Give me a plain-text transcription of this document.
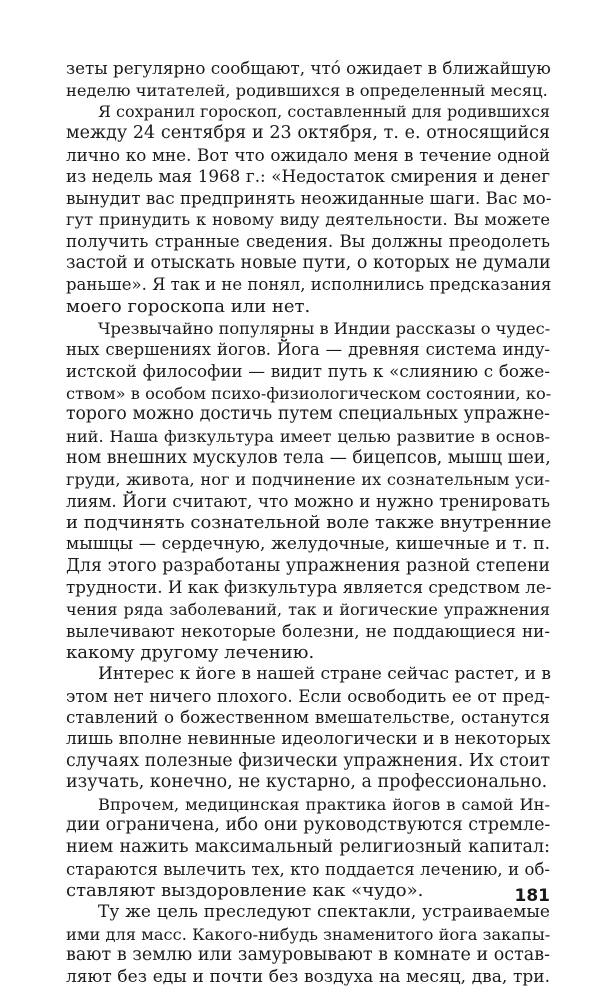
зеты регулярно сообщают, чтó ожидает в ближайшую
неделю читателей, родившихся в определенный месяц.
Я сохранил гороскоп, составленный для родившихся
между 24 сентября и 23 октября, т. е. относящийся
лично ко мне. Вот что ожидало меня в течение одной
из недель мая 1968 г.: «Недостаток смирения и денег
вынудит вас предпринять неожиданные шаги. Вас мо-
гут принудить к новому виду деятельности. Вы можете
получить странные сведения. Вы должны преодолеть
застой и отыскать новые пути, о которых не думали
раньше». Я так и не понял, исполнились предсказания
моего гороскопа или нет.
Чрезвычайно популярны в Индии рассказы о чудес-
ных свершениях йогов. Йога — древняя система инду-
истской философии — видит путь к «слиянию с боже-
ством» в особом психо-физиологическом состоянии, ко-
торого можно достичь путем специальных упражне-
ний. Наша физкультура имеет целью развитие в основ-
ном внешних мускулов тела — бицепсов, мышц шеи,
груди, живота, ног и подчинение их сознательным уси-
лиям. Йоги считают, что можно и нужно тренировать
и подчинять сознательной воле также внутренние
мышцы — сердечную, желудочные, кишечные и т. п.
Для этого разработаны упражнения разной степени
трудности. И как физкультура является средством ле-
чения ряда заболеваний, так и йогические упражнения
вылечивают некоторые болезни, не поддающиеся ни-
какому другому лечению.
Интерес к йоге в нашей стране сейчас растет, и в
этом нет ничего плохого. Если освободить ее от пред-
ставлений о божественном вмешательстве, останутся
лишь вполне невинные идеологически и в некоторых
случаях полезные физически упражнения. Их стоит
изучать, конечно, не кустарно, а профессионально.
Впрочем, медицинская практика йогов в самой Ин-
дии ограничена, ибо они руководствуются стремле-
нием нажить максимальный религиозный капитал:
стараются вылечить тех, кто поддается лечению, и об-
ставляют выздоровление как «чудо».
Ту же цель преследуют спектакли, устраиваемые
ими для масс. Какого-нибудь знаменитого йога закапы-
вают в землю или замуровывают в комнате и остав-
ляют без еды и почти без воздуха на месяц, два, три.
181
